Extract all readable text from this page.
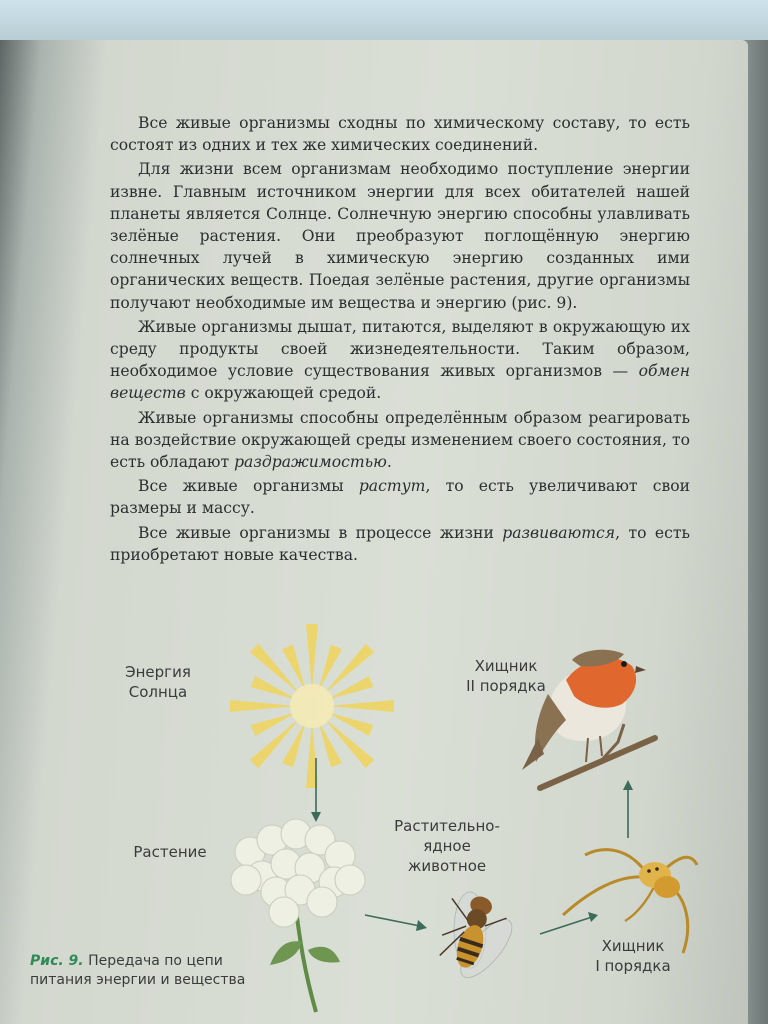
Все живые организмы сходны по химическому составу, то есть состоят из одних и тех же химических соединений.

Для жизни всем организмам необходимо поступление энергии извне. Главным источником энергии для всех обитателей нашей планеты является Солнце. Солнечную энергию способны улавливать зелёные растения. Они преобразуют поглощённую энергию солнечных лучей в химическую энергию созданных ими органических веществ. Поедая зелёные растения, другие организмы получают необходимые им вещества и энергию (рис. 9).

Живые организмы дышат, питаются, выделяют в окружающую их среду продукты своей жизнедеятельности. Таким образом, необходимое условие существования живых организмов — обмен веществ с окружающей средой.

Живые организмы способны определённым образом реагировать на воздействие окружающей среды изменением своего состояния, то есть обладают раздражимостью.

Все живые организмы растут, то есть увеличивают свои размеры и массу.

Все живые организмы в процессе жизни развиваются, то есть приобретают новые качества.

Энергия
Солнца
Растение
Растительно-
ядное
животное
Хищник
I порядка
Хищник
II порядка
Рис. 9. Передача по цепи питания энергии и вещества
